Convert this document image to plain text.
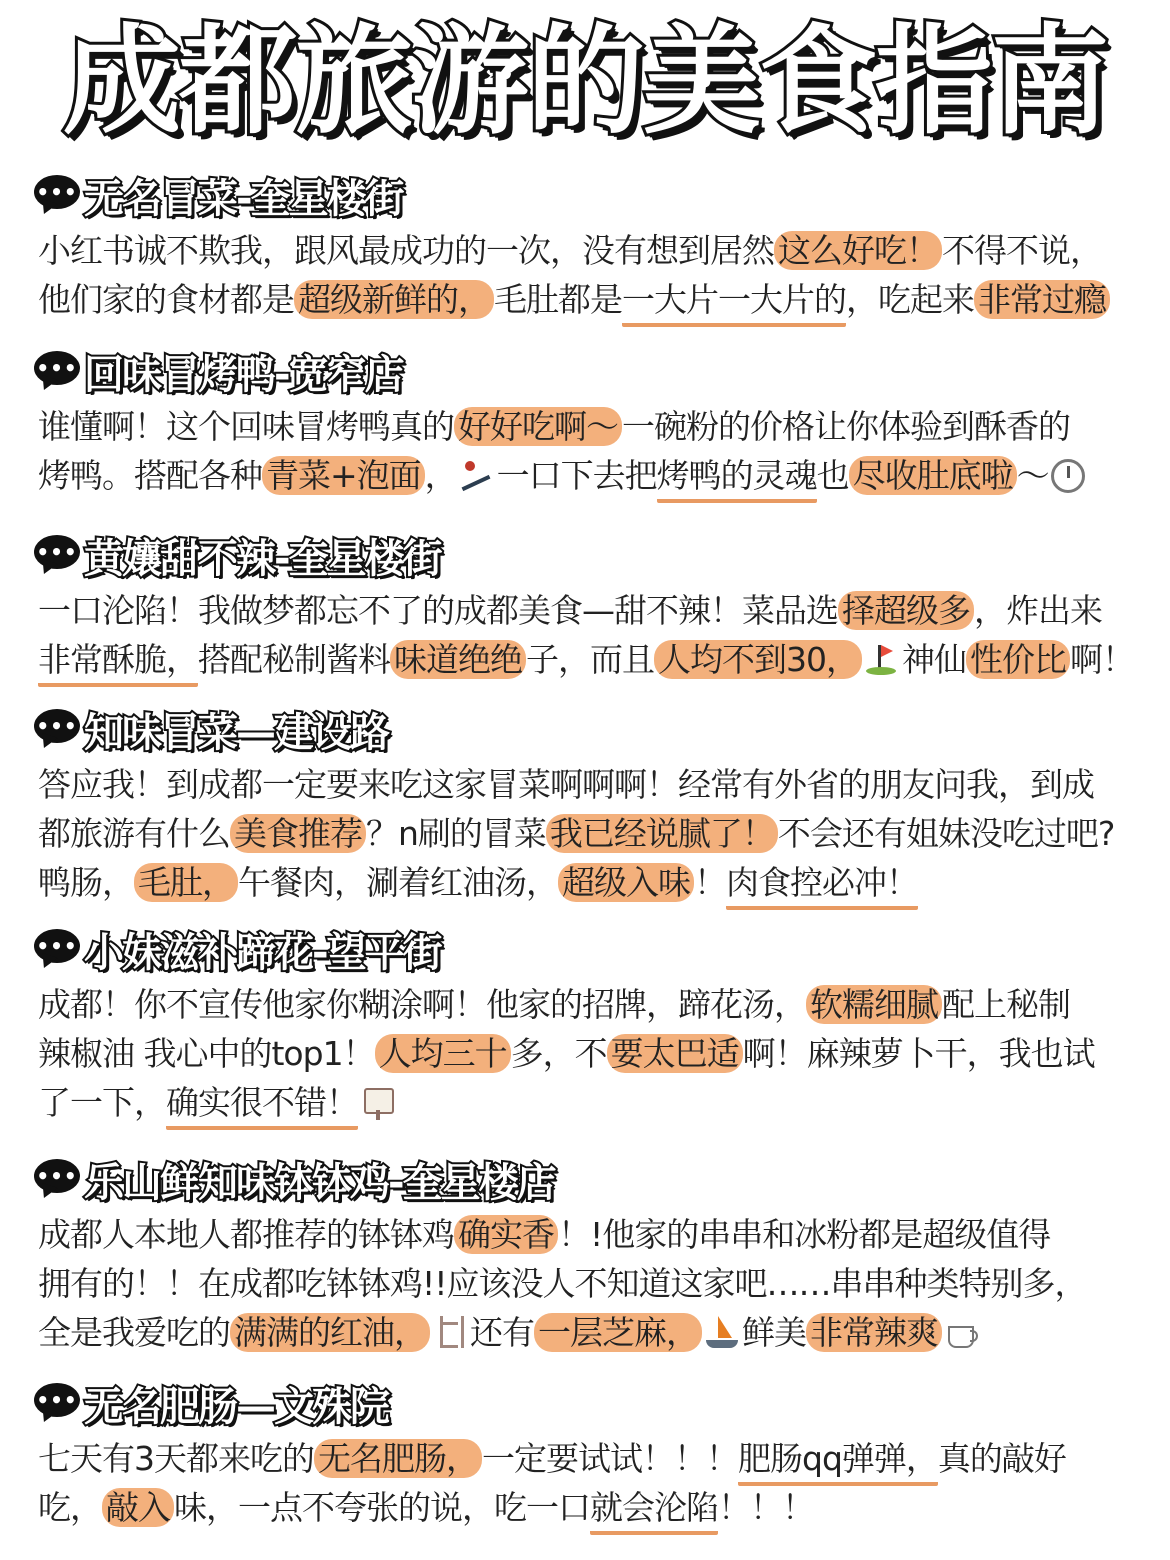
成都旅游的美食指南
••• 无名冒菜-奎星楼街
小红书诚不欺我，跟风最成功的一次，没有想到居然 这么好吃！ 不得不说，
他们家的食材都是 超级新鲜的， 毛肚都是一大片一大片的，吃起来 非常过瘾
••• 回味冒烤鸭-宽窄店
谁懂啊！这个回味冒烤鸭真的 好好吃啊～ 一碗粉的价格让你体验到酥香的
烤鸭。搭配各种 青菜+泡面 ， 一口下去把烤鸭的灵魂也 尽收肚底啦 ～
••• 黄孃甜不辣-奎星楼街
一口沦陷！我做梦都忘不了的成都美食—甜不辣！菜品选 择超级多 ，炸出来
非常酥脆，搭配秘制酱料 味道绝绝 子，而且 人均不到30， 神仙 性价比 啊！
••• 知味冒菜—建设路
答应我！到成都一定要来吃这家冒菜啊啊啊！经常有外省的朋友问我，到成
都旅游有什么 美食推荐 ？n刷的冒菜 我已经说腻了！ 不会还有姐妹没吃过吧?
鸭肠， 毛肚， 午餐肉，涮着红油汤， 超级入味 ！肉食控必冲！
••• 小妹滋补蹄花-望平街
成都！你不宣传他家你糊涂啊！他家的招牌，蹄花汤， 软糯细腻 配上秘制
辣椒油 我心中的top1！ 人均三十 多，不 要太巴适 啊！麻辣萝卜干，我也试
了一下，确实很不错！
••• 乐山鲜知味钵钵鸡-奎星楼店
成都人本地人都推荐的钵钵鸡 确实香 ！!他家的串串和冰粉都是超级值得
拥有的！！在成都吃钵钵鸡!!应该没人不知道这家吧……串串种类特别多，
全是我爱吃的 满满的红油， 还有 一层芝麻， 鲜美 非常辣爽
••• 无名肥肠—文殊院
七天有3天都来吃的 无名肥肠， 一定要试试！！！肥肠qq弹弹，真的敲好
吃， 敲入 味，一点不夸张的说，吃一口就会沦陷！！！
